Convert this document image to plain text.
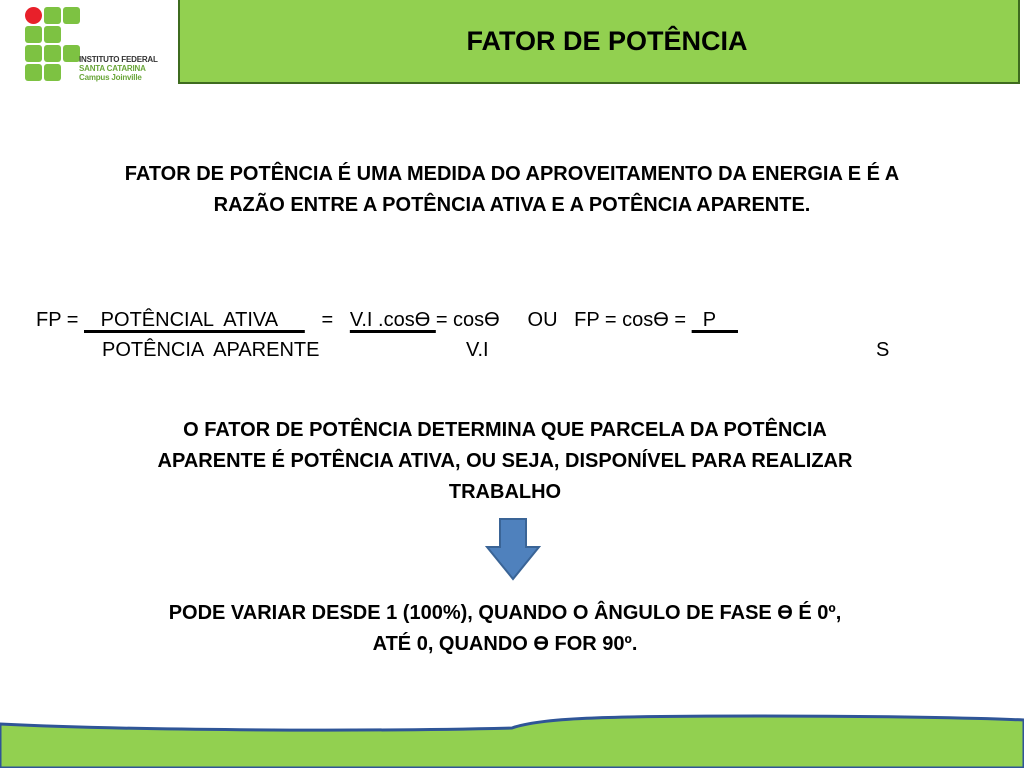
INSTITUTO FEDERAL
SANTA CATARINA
Campus Joinville
FATOR DE POTÊNCIA
FATOR DE POTÊNCIA É UMA MEDIDA DO APROVEITAMENTO DA ENERGIA E É A
RAZÃO ENTRE A POTÊNCIA ATIVA E A POTÊNCIA APARENTE.
FP =    POTÊNCIAL  ATIVA        =   V.I .cosϴ = cosϴ     OU   FP = cosϴ =   P
POTÊNCIA  APARENTE	V.I	S
O FATOR DE POTÊNCIA DETERMINA QUE PARCELA DA POTÊNCIA
APARENTE É POTÊNCIA ATIVA, OU SEJA, DISPONÍVEL PARA REALIZAR
TRABALHO
PODE VARIAR DESDE 1 (100%), QUANDO O ÂNGULO DE FASE ϴ É 0º,
ATÉ 0, QUANDO ϴ FOR 90º.
